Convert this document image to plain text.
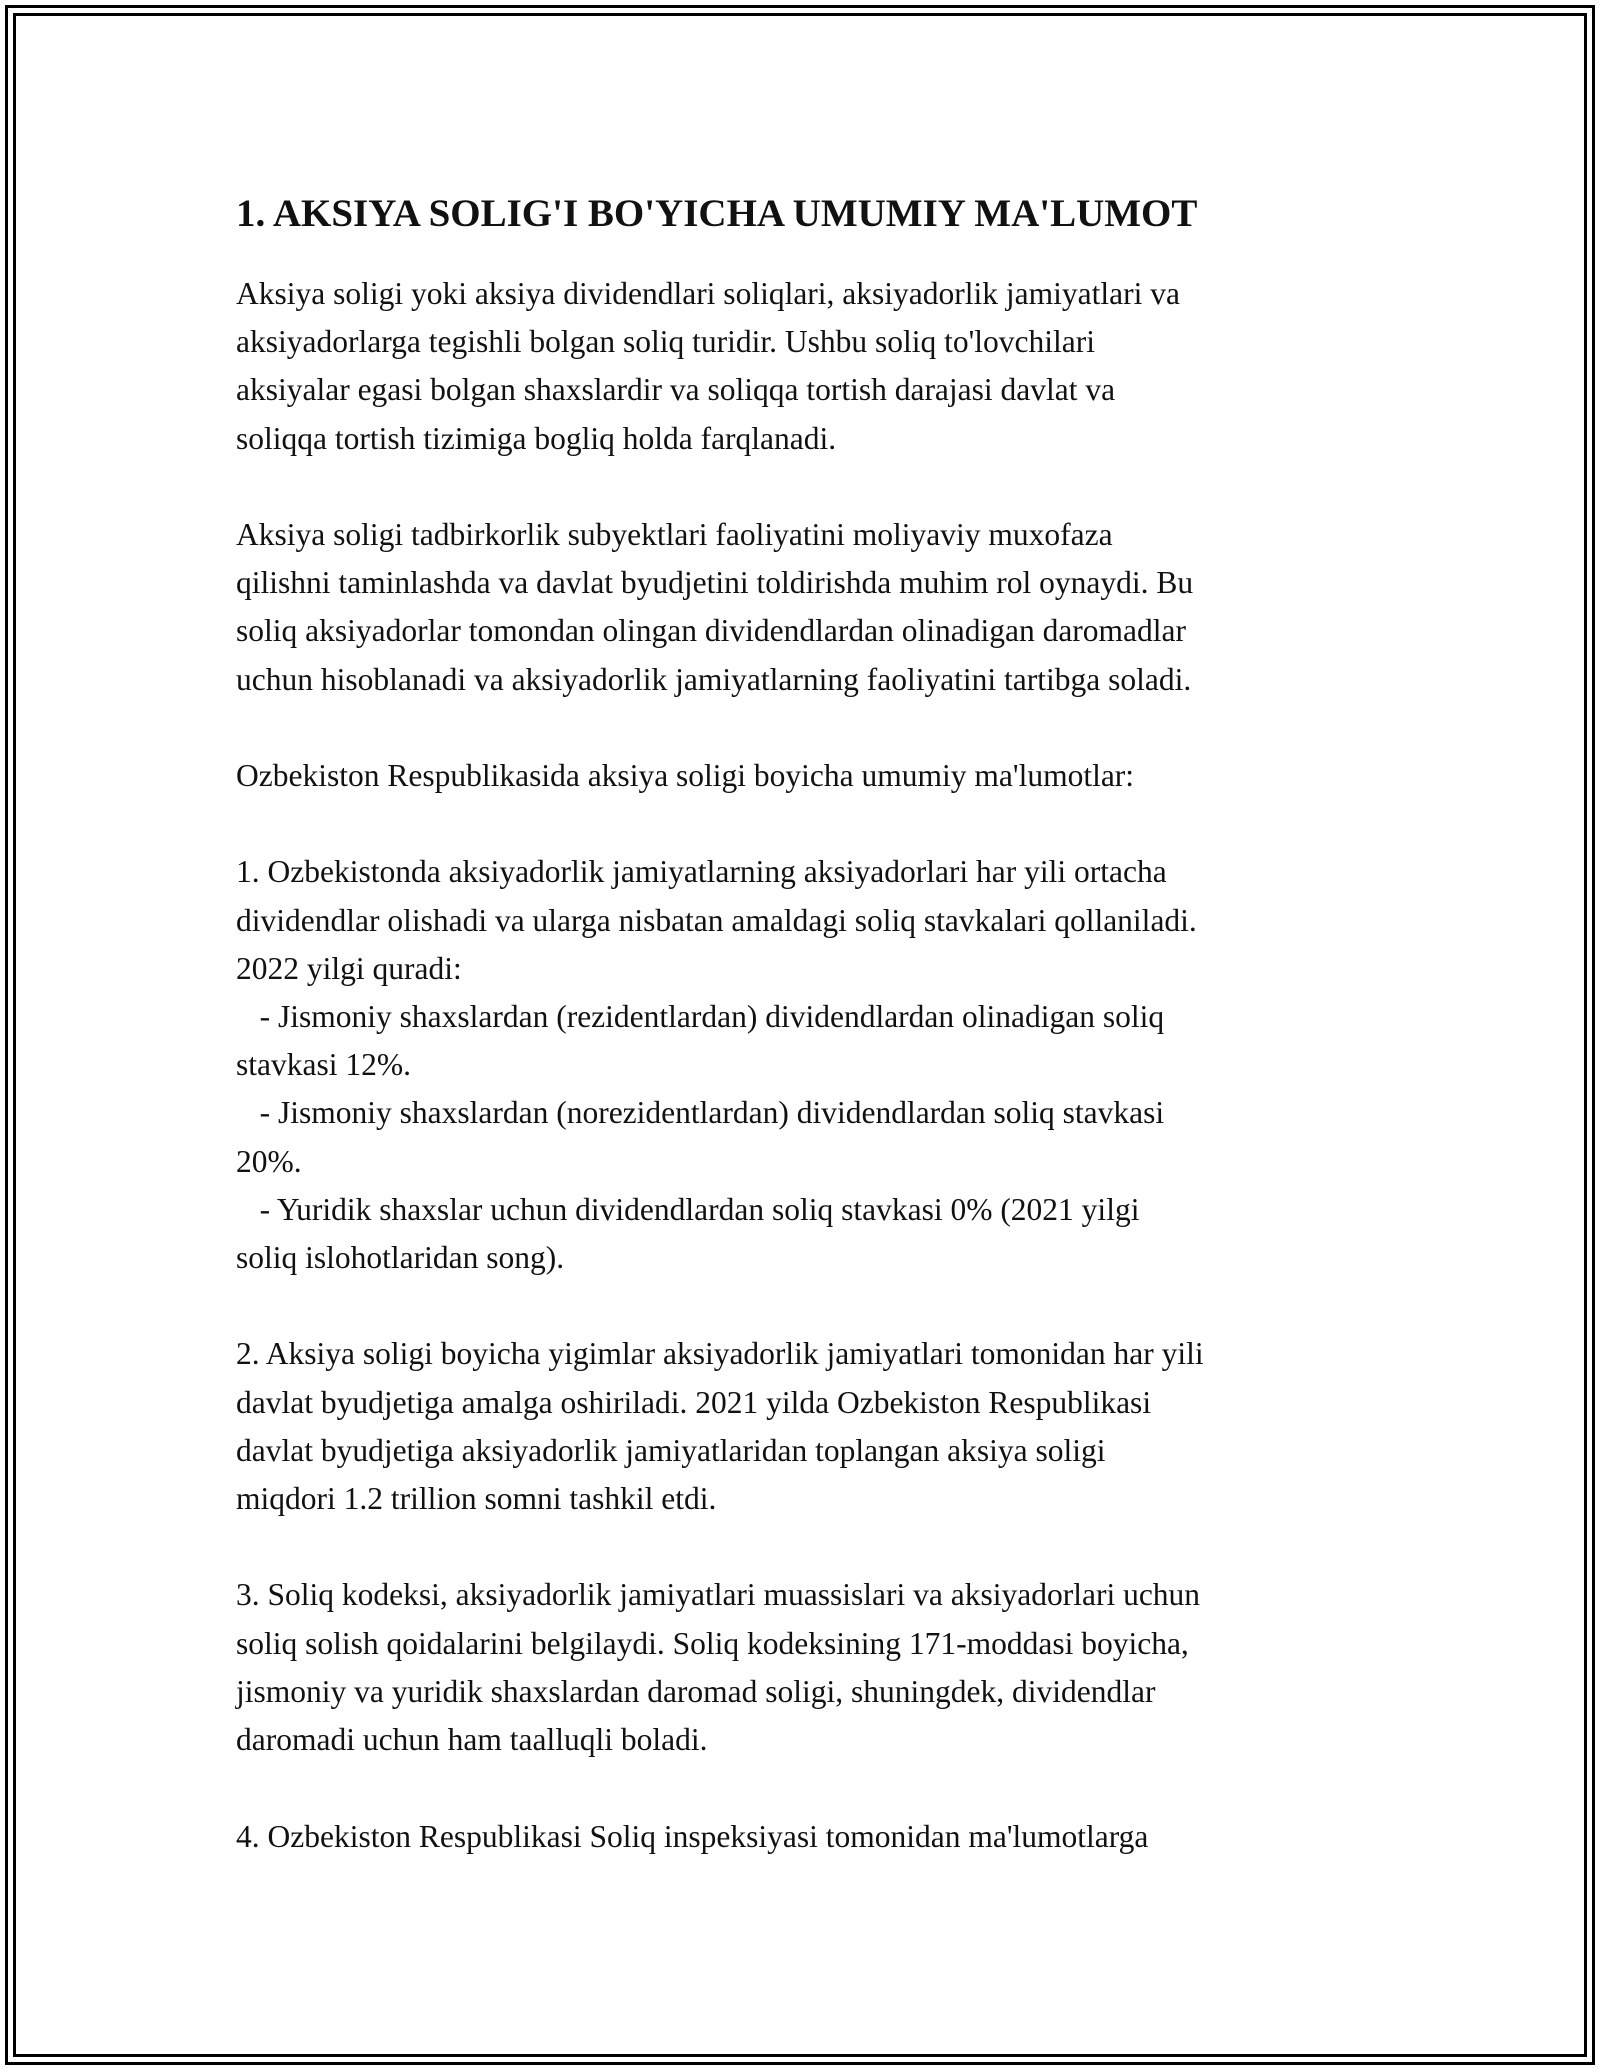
1. AKSIYA SOLIG'I BO'YICHA UMUMIY MA'LUMOT
Aksiya soligi yoki aksiya dividendlari soliqlari, aksiyadorlik jamiyatlari va
aksiyadorlarga tegishli bolgan soliq turidir. Ushbu soliq to'lovchilari
aksiyalar egasi bolgan shaxslardir va soliqqa tortish darajasi davlat va
soliqqa tortish tizimiga bogliq holda farqlanadi.

Aksiya soligi tadbirkorlik subyektlari faoliyatini moliyaviy muxofaza
qilishni taminlashda va davlat byudjetini toldirishda muhim rol oynaydi. Bu
soliq aksiyadorlar tomondan olingan dividendlardan olinadigan daromadlar
uchun hisoblanadi va aksiyadorlik jamiyatlarning faoliyatini tartibga soladi.

Ozbekiston Respublikasida aksiya soligi boyicha umumiy ma'lumotlar:

1. Ozbekistonda aksiyadorlik jamiyatlarning aksiyadorlari har yili ortacha
dividendlar olishadi va ularga nisbatan amaldagi soliq stavkalari qollaniladi.
2022 yilgi quradi:
- Jismoniy shaxslardan (rezidentlardan) dividendlardan olinadigan soliq
stavkasi 12%.
- Jismoniy shaxslardan (norezidentlardan) dividendlardan soliq stavkasi
20%.
- Yuridik shaxslar uchun dividendlardan soliq stavkasi 0% (2021 yilgi
soliq islohotlaridan song).

2. Aksiya soligi boyicha yigimlar aksiyadorlik jamiyatlari tomonidan har yili
davlat byudjetiga amalga oshiriladi. 2021 yilda Ozbekiston Respublikasi
davlat byudjetiga aksiyadorlik jamiyatlaridan toplangan aksiya soligi
miqdori 1.2 trillion somni tashkil etdi.

3. Soliq kodeksi, aksiyadorlik jamiyatlari muassislari va aksiyadorlari uchun
soliq solish qoidalarini belgilaydi. Soliq kodeksining 171-moddasi boyicha,
jismoniy va yuridik shaxslardan daromad soligi, shuningdek, dividendlar
daromadi uchun ham taalluqli boladi.

4. Ozbekiston Respublikasi Soliq inspeksiyasi tomonidan ma'lumotlarga
